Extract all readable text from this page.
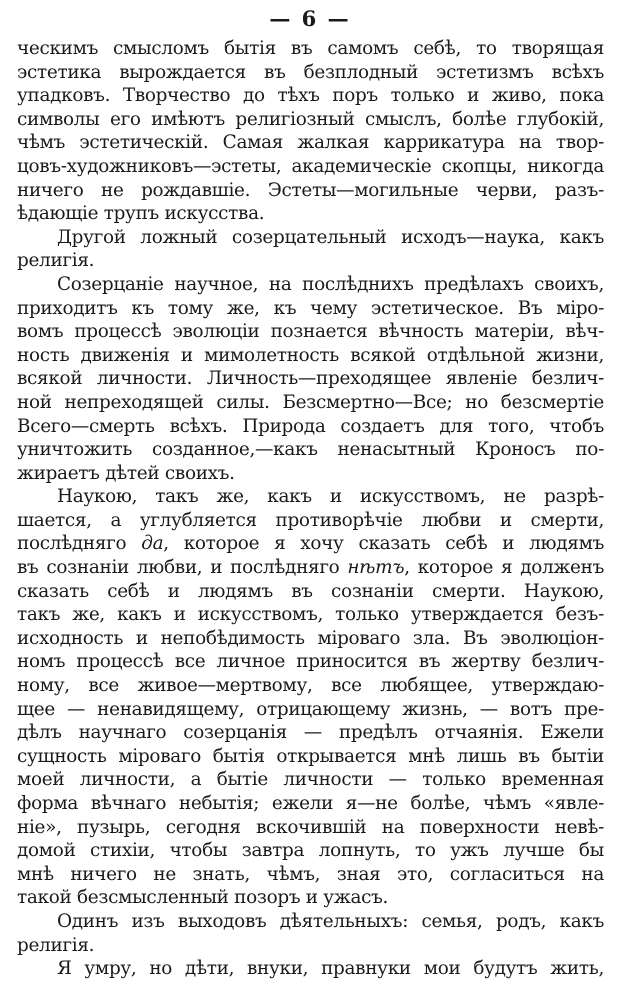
— 6 —
ческимъ смысломъ бытія въ самомъ себѣ, то творящая
эстетика вырождается въ безплодный эстетизмъ всѣхъ
упадковъ. Творчество до тѣхъ поръ только и живо, пока
символы его имѣютъ религіозный смыслъ, болѣе глубокій,
чѣмъ эстетическій. Самая жалкая каррикатура на твор-
цовъ-художниковъ—эстеты, академическіе скопцы, никогда
ничего не рождавшіе. Эстеты—могильные черви, разъ-
ѣдающіе трупъ искусства.
Другой ложный созерцательный исходъ—наука, какъ
религія.
Созерцаніе научное, на послѣднихъ предѣлахъ своихъ,
приходитъ къ тому же, къ чему эстетическое. Въ міро-
вомъ процессѣ эволюціи познается вѣчность матеріи, вѣч-
ность движенія и мимолетность всякой отдѣльной жизни,
всякой личности. Личность—преходящее явленіе безлич-
ной непреходящей силы. Безсмертно—Все; но безсмертіе
Всего—смерть всѣхъ. Природа создаетъ для того, чтобъ
уничтожить созданное,—какъ ненасытный Кроносъ по-
жираетъ дѣтей своихъ.
Наукою, такъ же, какъ и искусствомъ, не разрѣ-
шается, а углубляется противорѣчіе любви и смерти,
послѣдняго да, которое я хочу сказать себѣ и людямъ
въ сознаніи любви, и послѣдняго нѣтъ, которое я долженъ
сказать себѣ и людямъ въ сознаніи смерти. Наукою,
такъ же, какъ и искусствомъ, только утверждается безъ-
исходность и непобѣдимость міроваго зла. Въ эволюціон-
номъ процессѣ все личное приносится въ жертву безлич-
ному, все живое—мертвому, все любящее, утверждаю-
щее — ненавидящему, отрицающему жизнь, — вотъ пре-
дѣлъ научнаго созерцанія — предѣлъ отчаянія. Ежели
сущность міроваго бытія открывается мнѣ лишь въ бытіи
моей личности, а бытіе личности — только временная
форма вѣчнаго небытія; ежели я—не болѣе, чѣмъ «явле-
ніе», пузырь, сегодня вскочившій на поверхности невѣ-
домой стихіи, чтобы завтра лопнуть, то ужъ лучше бы
мнѣ ничего не знать, чѣмъ, зная это, согласиться на
такой безсмысленный позоръ и ужасъ.
Одинъ изъ выходовъ дѣятельныхъ: семья, родъ, какъ
религія.
Я умру, но дѣти, внуки, правнуки мои будутъ жить,
